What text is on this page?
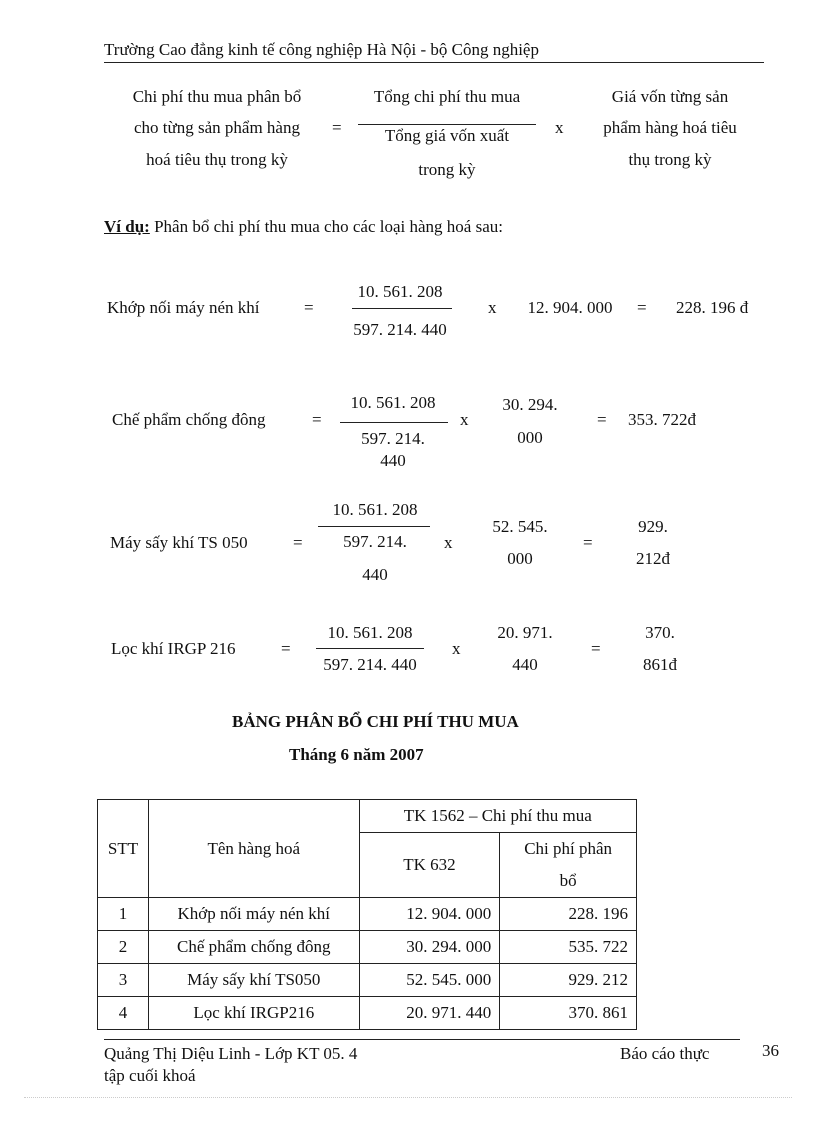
Trường Cao đẳng kinh tế công nghiệp Hà Nội - bộ Công nghiệp
Chi phí thu mua phân bổ
cho từng sản phẩm hàng
hoá tiêu thụ trong kỳ
=
Tổng chi phí thu mua
Tổng giá vốn xuất
trong kỳ
x
Giá vốn từng sản
phẩm hàng hoá tiêu
thụ trong kỳ
Ví dụ: Phân bổ chi phí thu mua cho các loại hàng hoá sau:
Khớp nối máy nén khí	=
10. 561. 208
597. 214. 440
x	12. 904. 000	= 228. 196 đ
Chế phẩm chống đông	=
10. 561. 208
597. 214.
440
x
30. 294.
000
= 353. 722đ
Máy sấy khí TS 050	=
10. 561. 208
597. 214.
440
x
52. 545.
000
=
929.
212đ
Lọc khí IRGP 216	=
10. 561. 208
597. 214. 440
x
20. 971.
440
=
370.
861đ
BẢNG PHÂN BỔ CHI PHÍ THU MUA
Tháng 6 năm 2007
STT	Tên hàng hoá	TK 1562 – Chi phí thu mua	
		TK 632	Chi phí phân
bổ

1	Khớp nối máy nén khí	12. 904. 000	228. 196
2	Chế phẩm chống đông	30. 294. 000	535. 722
3	Máy sấy khí TS050	52. 545. 000	929. 212
4	Lọc khí IRGP216	20. 971. 440	370. 861
Quảng Thị Diệu Linh - Lớp KT 05. 4	Báo cáo thực
tập cuối khoá
36
